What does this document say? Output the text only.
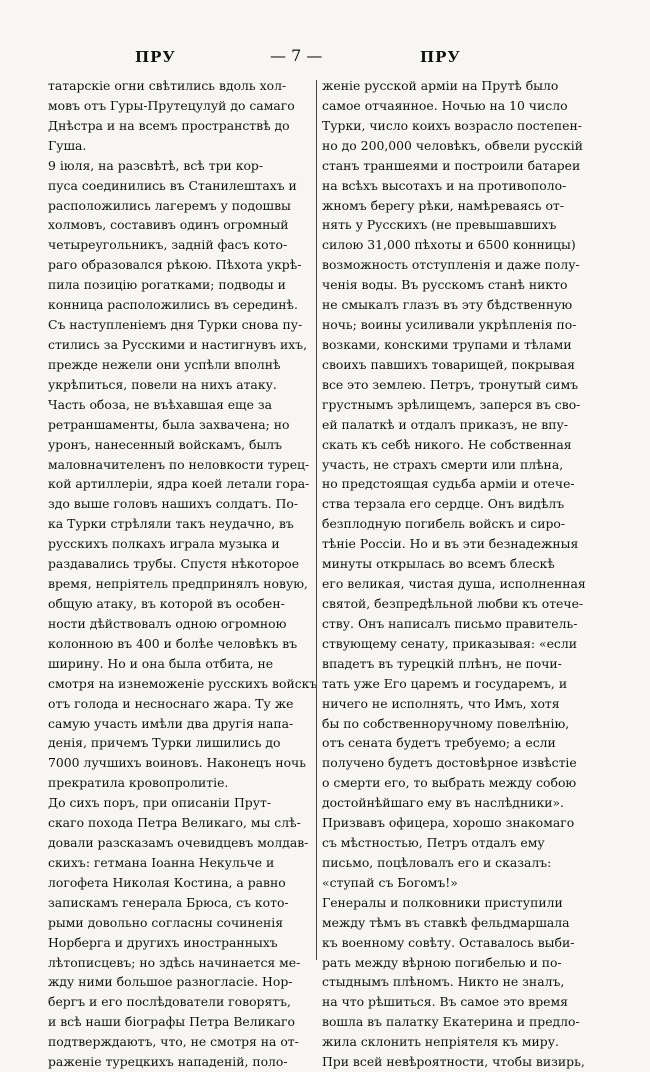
ПРУ	— 7 —	ПРУ
татарскіе огни свѣтились вдоль хол-
мовъ отъ Гуры-Прутецулуй до самаго
Днѣстра и на всемъ пространствѣ до
Гуша.
9 іюля, на разсвѣтѣ, всѣ три кор-
пуса соединились въ Станилештахъ и
расположились лагеремъ у подошвы
холмовъ, составивъ одинъ огромный
четыреугольникъ, задній фасъ кото-
раго образовался рѣкою. Пѣхота укрѣ-
пила позицію рогатками; подводы и
конница расположились въ серединѣ.
Съ наступленіемъ дня Турки снова пу-
стились за Русскими и настигнувъ ихъ,
прежде нежели они успѣли вполнѣ
укрѣпиться, повели на нихъ атаку.
Часть обоза, не въѣхавшая еще за
ретраншаменты, была захвачена; но
уронъ, нанесенный войскамъ, былъ
маловначителенъ по неловкости турец-
кой артиллеріи, ядра коей летали гора-
здо выше головъ нашихъ солдатъ. По-
ка Турки стрѣляли такъ неудачно, въ
русскихъ полкахъ играла музыка и
раздавались трубы. Спустя нѣкоторое
время, непріятель предпринялъ новую,
общую атаку, въ которой въ особен-
ности дѣйствовалъ одною огромною
колонною въ 400 и болѣе человѣкъ въ
ширину. Но и она была отбита, не
смотря на изнеможеніе русскихъ войскъ
отъ голода и несноснаго жара. Ту же
самую участь имѣли два другія напа-
денія, причемъ Турки лишились до
7000 лучшихъ воиновъ. Наконецъ ночь
прекратила кровопролитіе.
До сихъ поръ, при описаніи Прут-
скаго похода Петра Великаго, мы слѣ-
довали разсказамъ очевидцевъ молдав-
скихъ: гетмана Іоанна Некульче и
логофета Николая Костина, а равно
запискамъ генерала Брюса, съ кото-
рыми довольно согласны сочиненія
Норберга и другихъ иностранныхъ
лѣтописцевъ; но здѣсь начинается ме-
жду ними большое разногласіе. Нор-
бергъ и его послѣдователи говорятъ,
и всѣ наши біографы Петра Великаго
подтверждаютъ, что, не смотря на от-
раженіе турецкихъ нападеній, поло-
женіе русской арміи на Прутѣ было
самое отчаянное. Ночью на 10 число
Турки, число коихъ возрасло постепен-
но до 200,000 человѣкъ, обвели русскій
станъ траншеями и построили батареи
на всѣхъ высотахъ и на противополо-
жномъ берегу рѣки, намѣреваясь от-
нять у Русскихъ (не превышавшихъ
силою 31,000 пѣхоты и 6500 конницы)
возможность отступленія и даже полу-
ченія воды. Въ русскомъ станѣ никто
не смыкалъ глазъ въ эту бѣдственную
ночь; воины усиливали укрѣпленія по-
возками, конскими трупами и тѣлами
своихъ павшихъ товарищей, покрывая
все это землею. Петръ, тронутый симъ
грустнымъ зрѣлищемъ, заперся въ сво-
ей палаткѣ и отдалъ приказъ, не впу-
скать къ себѣ никого. Не собственная
участь, не страхъ смерти или плѣна,
но предстоящая судьба арміи и отече-
ства терзала его сердце. Онъ видѣлъ
безплодную погибель войскъ и сиро-
тѣніе Россіи. Но и въ эти безнадежныя
минуты открылась во всемъ блескѣ
его великая, чистая душа, исполненная
святой, безпредѣльной любви къ отече-
ству. Онъ написалъ письмо правитель-
ствующему сенату, приказывая: «если
впадетъ въ турецкій плѣнъ, не почи-
тать уже Его царемъ и государемъ, и
ничего не исполнять, что Имъ, хотя
бы по собственноручному повелѣнію,
отъ сената будетъ требуемо; а если
получено будетъ достовѣрное извѣстіе
о смерти его, то выбрать между собою
достойнѣйшаго ему въ наслѣдники».
Призвавъ офицера, хорошо знакомаго
съ мѣстностью, Петръ отдалъ ему
письмо, поцѣловалъ его и сказалъ:
«ступай съ Богомъ!»
Генералы и полковники приступили
между тѣмъ въ ставкѣ фельдмаршала
къ военному совѣту. Оставалось выби-
рать между вѣрною погибелью и по-
стыднымъ плѣномъ. Никто не зналъ,
на что рѣшиться. Въ самое это время
вошла въ палатку Екатерина и предло-
жила склонить непріятеля къ миру.
При всей невѣроятности, чтобы визирь,
